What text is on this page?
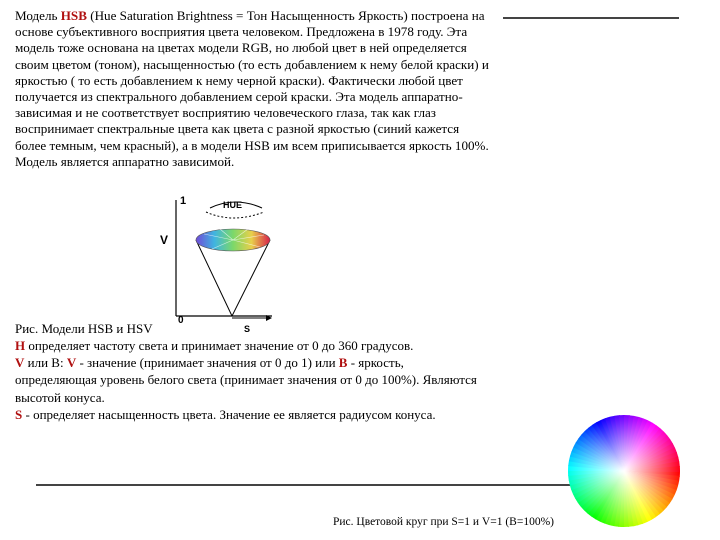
Модель HSB (Hue Saturation Brightness = Тон Насыщенность Яркость) построена на основе субъективного восприятия цвета человеком. Предложена в 1978 году. Эта модель тоже основана на цветах модели RGB, но любой цвет в ней определяется своим цветом (тоном), насыщенностью (то есть добавлением к нему белой краски) и яркостью ( то есть добавлением к нему черной краски). Фактически любой цвет получается из спектрального добавлением серой краски. Эта модель аппаратно-зависимая и не соответствует восприятию человеческого глаза, так как глаз воспринимает спектральные цвета как цвета с разной яркостью (синий кажется более темным, чем красный), а в модели HSB им всем приписывается яркость 100%. Модель является аппаратно зависимой.

1	HUE
V
0
S

Рис. Модели HSB и HSV

H определяет частоту света и принимает значение от 0 до 360 градусов.

V или B: V - значение (принимает значения от 0 до 1) или B - яркость, определяющая уровень белого света (принимает значения от 0 до 100%). Являются высотой конуса.

S - определяет насыщенность цвета. Значение ее является радиусом конуса.

Рис. Цветовой круг при S=1 и V=1 (B=100%)
